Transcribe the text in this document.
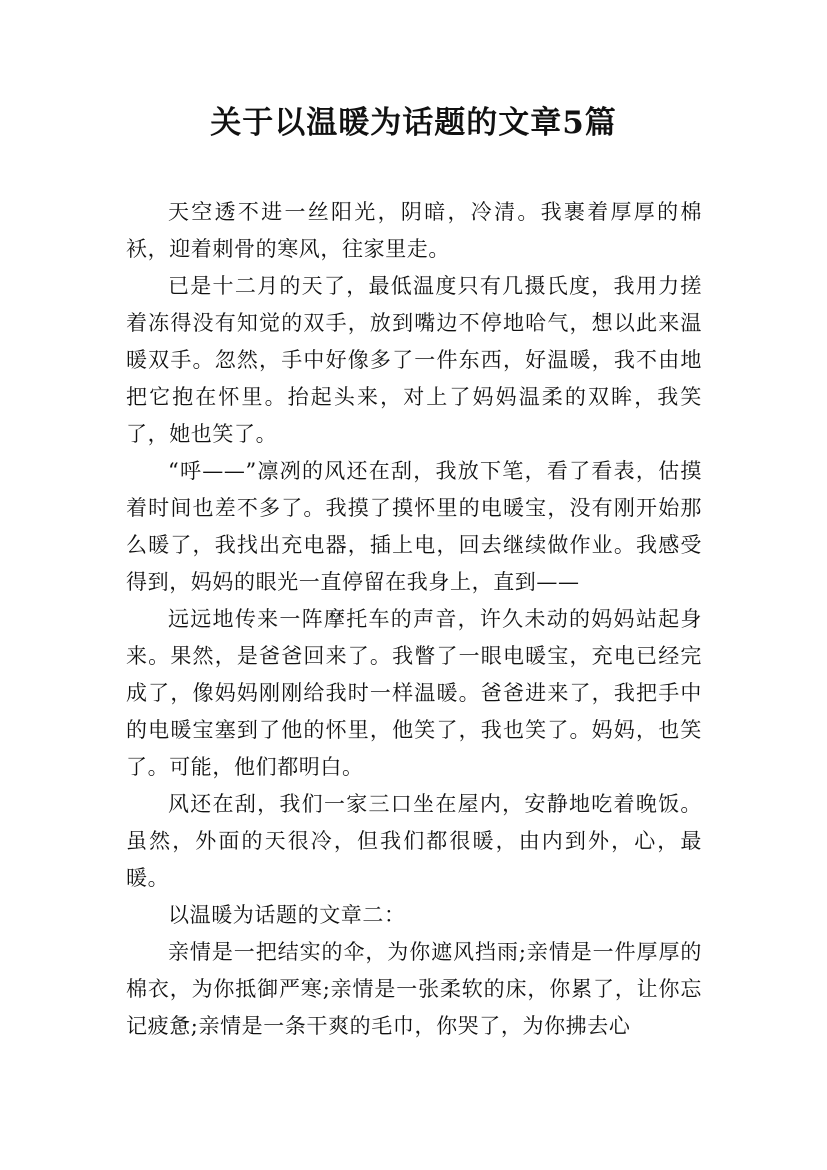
关于以温暖为话题的文章5篇

天空透不进一丝阳光，阴暗，冷清。我裹着厚厚的棉袄，迎着刺骨的寒风，往家里走。

已是十二月的天了，最低温度只有几摄氏度，我用力搓着冻得没有知觉的双手，放到嘴边不停地哈气，想以此来温暖双手。忽然，手中好像多了一件东西，好温暖，我不由地把它抱在怀里。抬起头来，对上了妈妈温柔的双眸，我笑了，她也笑了。

“呼——”凛冽的风还在刮，我放下笔，看了看表，估摸着时间也差不多了。我摸了摸怀里的电暖宝，没有刚开始那么暖了，我找出充电器，插上电，回去继续做作业。我感受得到，妈妈的眼光一直停留在我身上，直到——

远远地传来一阵摩托车的声音，许久未动的妈妈站起身来。果然，是爸爸回来了。我瞥了一眼电暖宝，充电已经完成了，像妈妈刚刚给我时一样温暖。爸爸进来了，我把手中的电暖宝塞到了他的怀里，他笑了，我也笑了。妈妈，也笑了。可能，他们都明白。

风还在刮，我们一家三口坐在屋内，安静地吃着晚饭。虽然，外面的天很冷，但我们都很暖，由内到外，心，最暖。

以温暖为话题的文章二：

亲情是一把结实的伞，为你遮风挡雨;亲情是一件厚厚的棉衣，为你抵御严寒;亲情是一张柔软的床，你累了，让你忘记疲惫;亲情是一条干爽的毛巾，你哭了，为你拂去心
